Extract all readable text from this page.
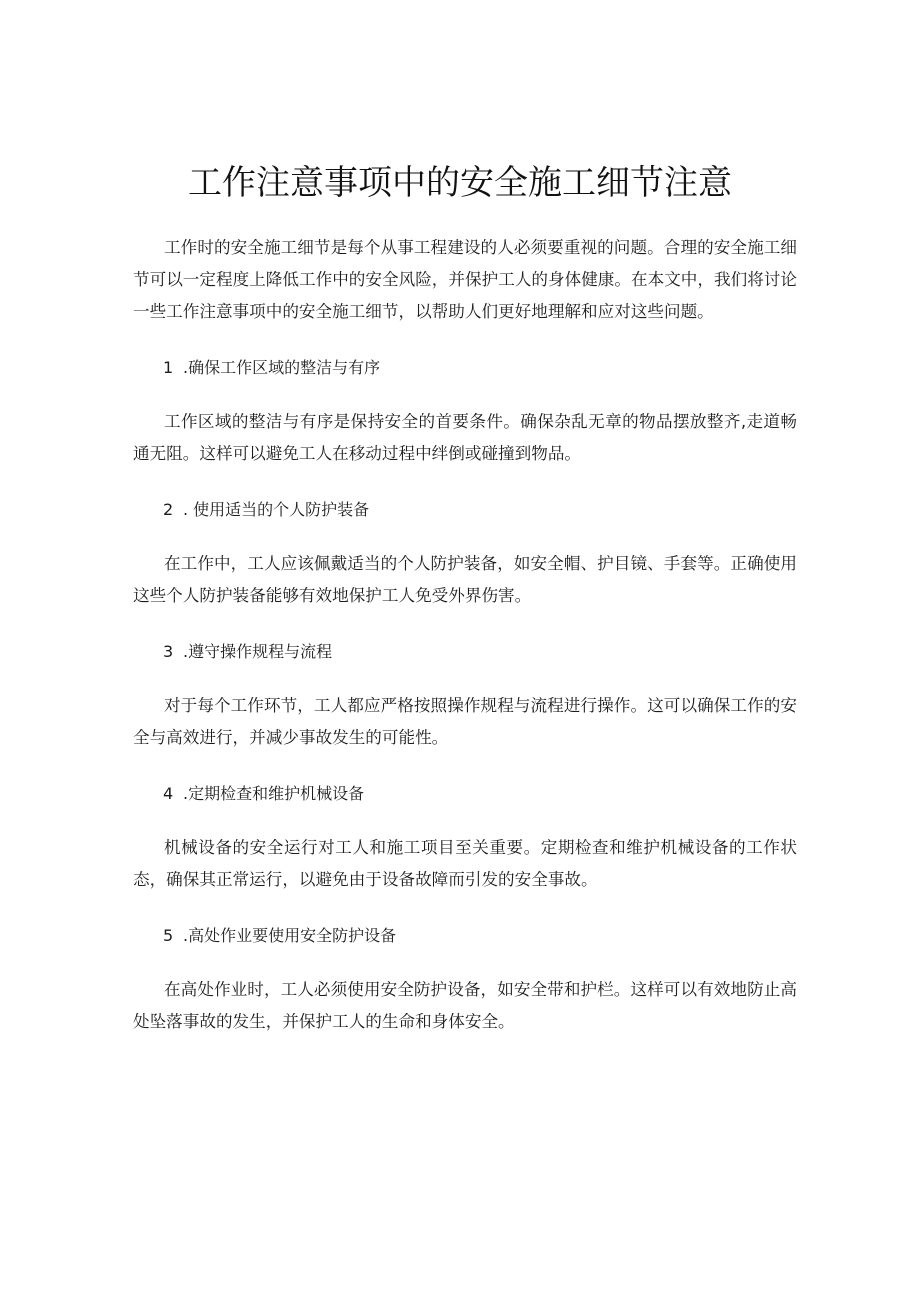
工作注意事项中的安全施工细节注意

工作时的安全施工细节是每个从事工程建设的人必须要重视的问题。合理的安全施工细节可以一定程度上降低工作中的安全风险，并保护工人的身体健康。在本文中，我们将讨论一些工作注意事项中的安全施工细节，以帮助人们更好地理解和应对这些问题。

1 .确保工作区域的整洁与有序

工作区域的整洁与有序是保持安全的首要条件。确保杂乱无章的物品摆放整齐,走道畅通无阻。这样可以避免工人在移动过程中绊倒或碰撞到物品。

2 . 使用适当的个人防护装备

在工作中，工人应该佩戴适当的个人防护装备，如安全帽、护目镜、手套等。正确使用这些个人防护装备能够有效地保护工人免受外界伤害。

3 .遵守操作规程与流程

对于每个工作环节，工人都应严格按照操作规程与流程进行操作。这可以确保工作的安全与高效进行，并减少事故发生的可能性。

4 .定期检查和维护机械设备

机械设备的安全运行对工人和施工项目至关重要。定期检查和维护机械设备的工作状态，确保其正常运行，以避免由于设备故障而引发的安全事故。

5 .高处作业要使用安全防护设备

在高处作业时，工人必须使用安全防护设备，如安全带和护栏。这样可以有效地防止高处坠落事故的发生，并保护工人的生命和身体安全。
